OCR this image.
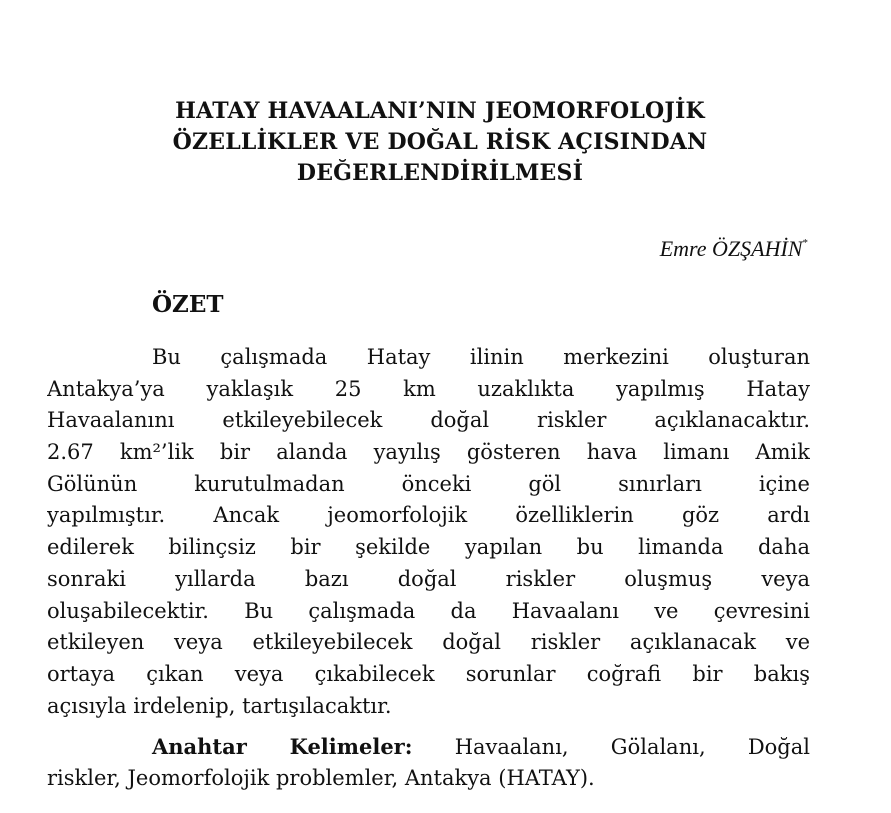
HATAY HAVAALANI’NIN JEOMORFOLOJİK
ÖZELLİKLER VE DOĞAL RİSK AÇISINDAN
DEĞERLENDİRİLMESİ
Emre ÖZŞAHİN*
ÖZET
Bu çalışmada Hatay ilinin merkezini oluşturan
Antakya’ya yaklaşık 25 km uzaklıkta yapılmış Hatay
Havaalanını etkileyebilecek doğal riskler açıklanacaktır.
2.67 km²’lik bir alanda yayılış gösteren hava limanı Amik
Gölünün kurutulmadan önceki göl sınırları içine
yapılmıştır. Ancak jeomorfolojik özelliklerin göz ardı
edilerek bilinçsiz bir şekilde yapılan bu limanda daha
sonraki yıllarda bazı doğal riskler oluşmuş veya
oluşabilecektir. Bu çalışmada da Havaalanı ve çevresini
etkileyen veya etkileyebilecek doğal riskler açıklanacak ve
ortaya çıkan veya çıkabilecek sorunlar coğrafi bir bakış
açısıyla irdelenip, tartışılacaktır.
Anahtar Kelimeler: Havaalanı, Gölalanı, Doğal
riskler, Jeomorfolojik problemler, Antakya (HATAY).
